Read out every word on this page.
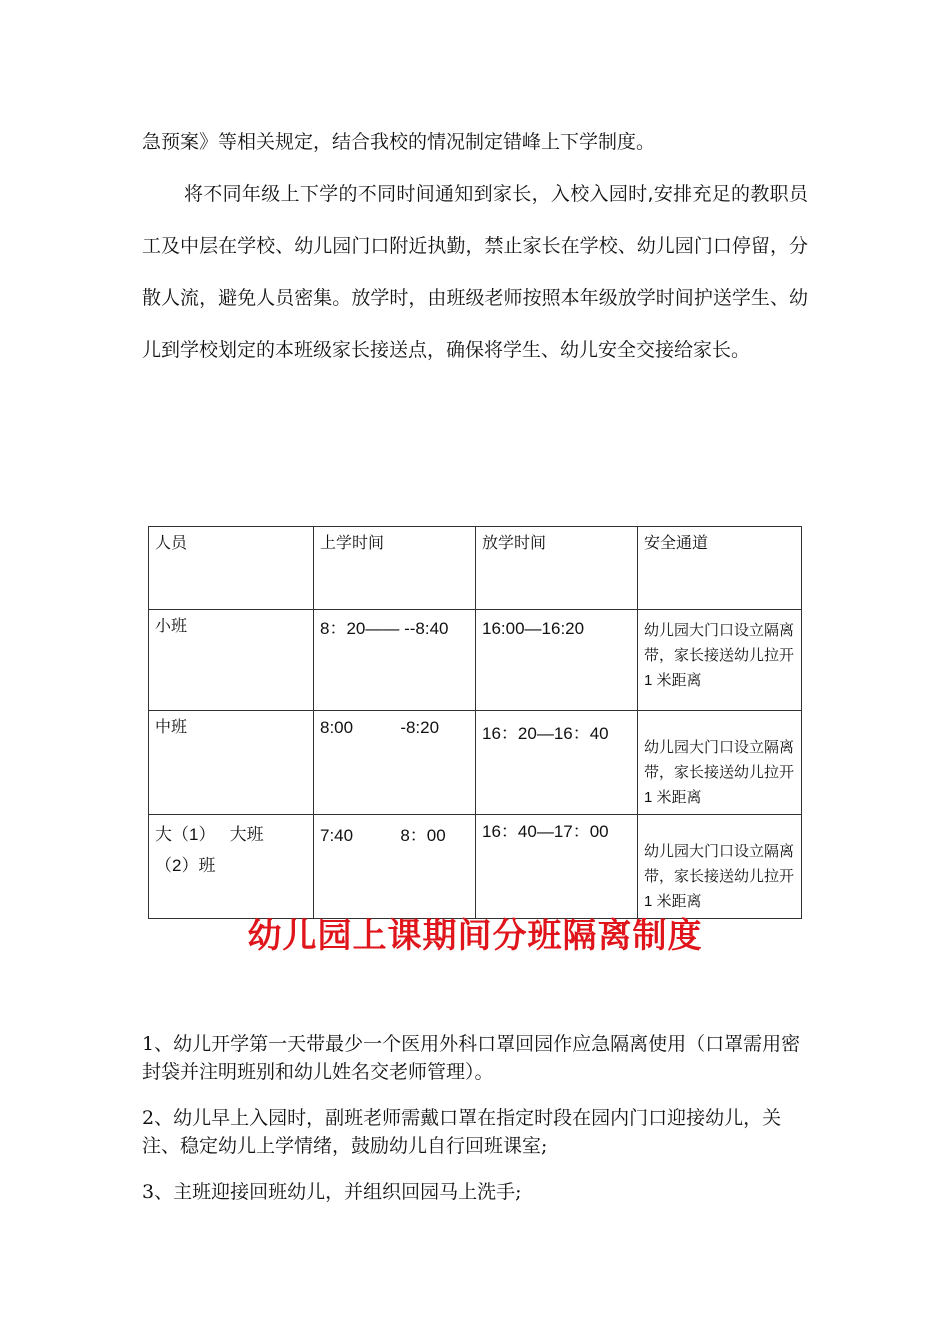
急预案》等相关规定，结合我校的情况制定错峰上下学制度。

将不同年级上下学的不同时间通知到家长，入校入园时,安排充足的教职员工及中层在学校、幼儿园门口附近执勤，禁止家长在学校、幼儿园门口停留，分散人流，避免人员密集。放学时，由班级老师按照本年级放学时间护送学生、幼儿到学校划定的本班级家长接送点，确保将学生、幼儿安全交接给家长。

人员	上学时间	放学时间	安全通道
小班	8：20—— --8:40	16:00—16:20	幼儿园大门口设立隔离带，家长接送幼儿拉开 1 米距离
中班	8:00          -8:20	16：20—16：40	幼儿园大门口设立隔离带，家长接送幼儿拉开 1 米距离
大（1）   大班   （2）班	7:40          8：00	16：40—17：00	幼儿园大门口设立隔离带，家长接送幼儿拉开 1 米距离
幼儿园上课期间分班隔离制度

1、幼儿开学第一天带最少一个医用外科口罩回园作应急隔离使用（口罩需用密封袋并注明班别和幼儿姓名交老师管理）。

2、幼儿早上入园时，副班老师需戴口罩在指定时段在园内门口迎接幼儿，关注、稳定幼儿上学情绪，鼓励幼儿自行回班课室;

3、主班迎接回班幼儿，并组织回园马上洗手;
